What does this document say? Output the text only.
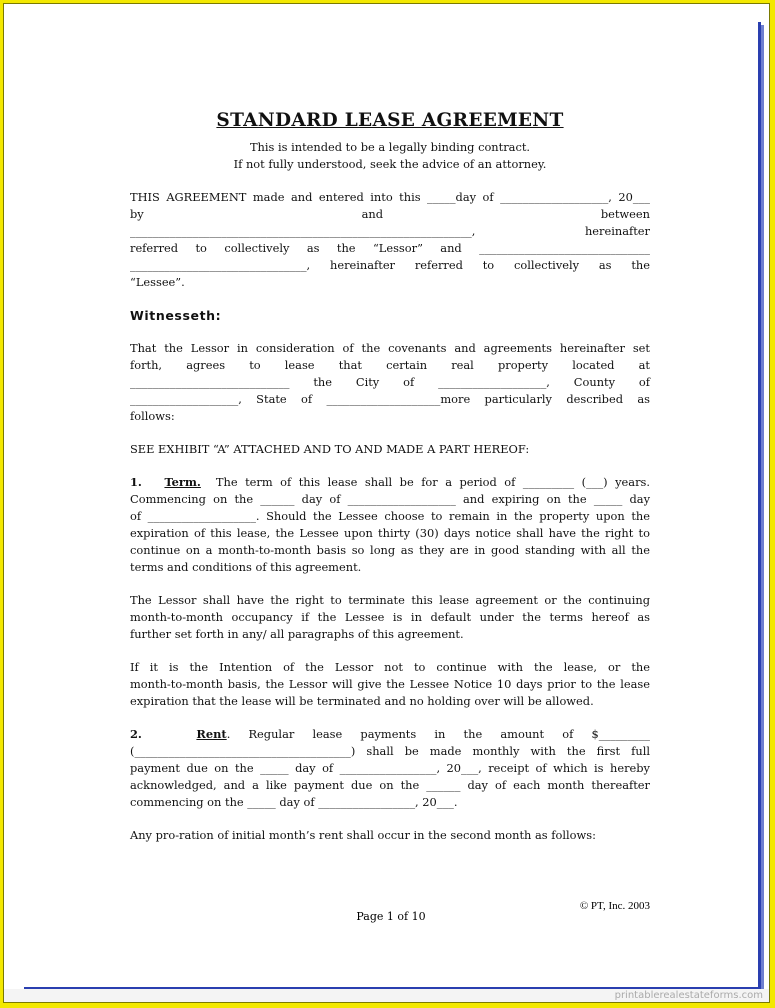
STANDARD LEASE AGREEMENT
This is intended to be a legally binding contract.
If not fully understood, seek the advice of an attorney.
THIS AGREEMENT made and entered into this _____day of ___________________, 20___
by	and	between
____________________________________________________________, hereinafter
referred to collectively as the “Lessor” and ______________________________
_______________________________, hereinafter referred to collectively as the
“Lessee”.
Witnesseth:
That the Lessor in consideration of the covenants and agreements hereinafter set
forth, agrees to lease that certain real property located at
____________________________ the City of ___________________, County of
___________________, State of ____________________more particularly described as
follows:
SEE EXHIBIT “A” ATTACHED AND TO AND MADE A PART HEREOF:
1. Term. The term of this lease shall be for a period of _________ (___) years.
Commencing on the ______ day of ___________________ and expiring on the _____ day
of ___________________. Should the Lessee choose to remain in the property upon the
expiration of this lease, the Lessee upon thirty (30) days notice shall have the right to
continue on a month-to-month basis so long as they are in good standing with all the
terms and conditions of this agreement.
The Lessor shall have the right to terminate this lease agreement or the continuing
month-to-month occupancy if the Lessee is in default under the terms hereof as
further set forth in any/ all paragraphs of this agreement.
If it is the Intention of the Lessor not to continue with the lease, or the
month-to-month basis, the Lessor will give the Lessee Notice 10 days prior to the lease
expiration that the lease will be terminated and no holding over will be allowed.
2.	Rent. Regular lease payments in the amount of $_________
(______________________________________) shall be made monthly with the first full
payment due on the _____ day of _________________, 20___, receipt of which is hereby
acknowledged, and a like payment due on the ______ day of each month thereafter
commencing on the _____ day of _________________, 20___.
Any pro-ration of initial month’s rent shall occur in the second month as follows:
© PT, Inc. 2003
Page 1 of 10
printablerealestateforms.com
